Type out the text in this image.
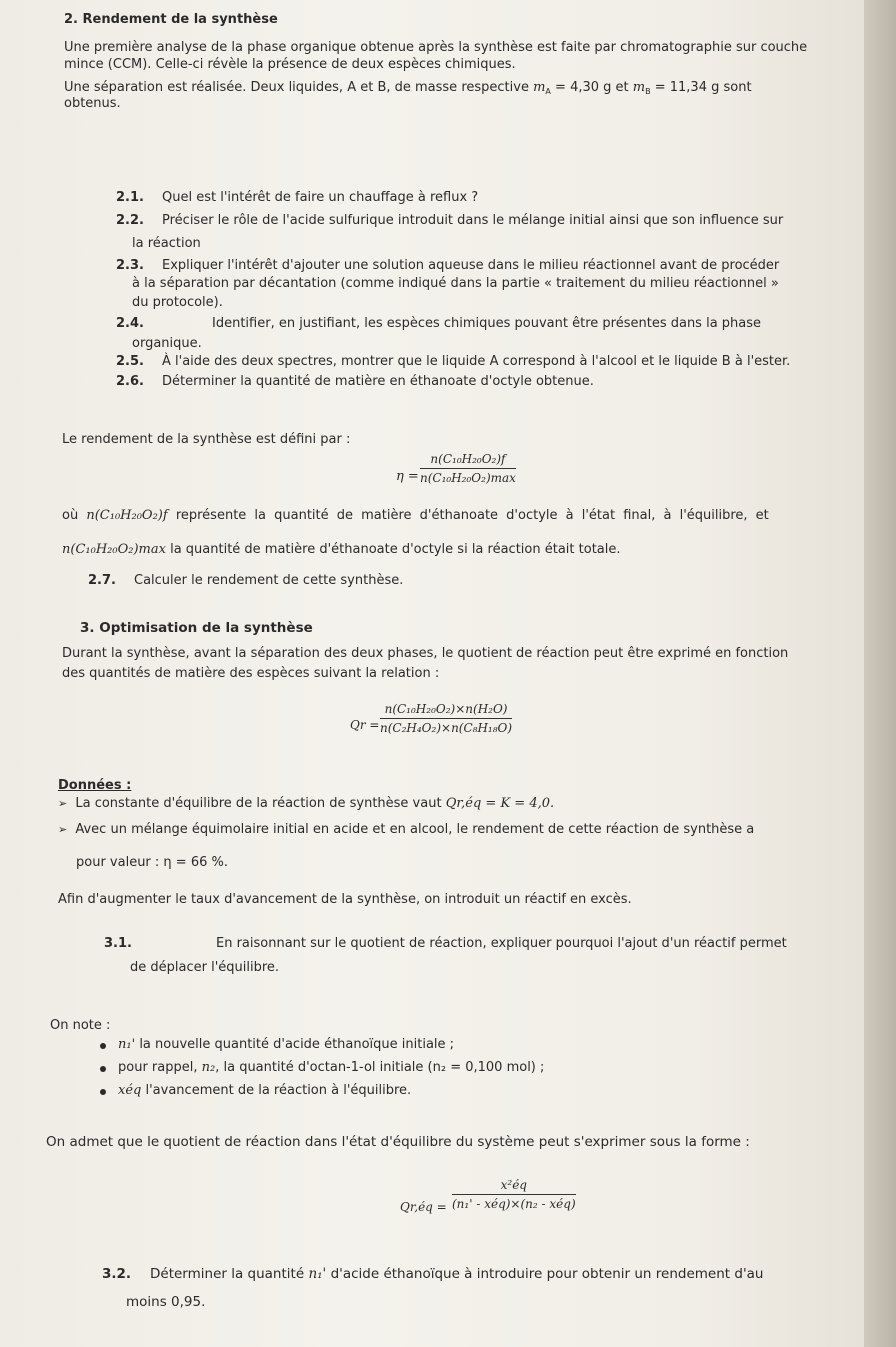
2. Rendement de la synthèse
Une première analyse de la phase organique obtenue après la synthèse est faite par chromatographie sur couche
mince (CCM). Celle-ci révèle la présence de deux espèces chimiques.
Une séparation est réalisée. Deux liquides, A et B, de masse respective $m_A = 4,30$ g et $m_B = 11,34$ g sont
obtenus.
2.1. Quel est l'intérêt de faire un chauffage à reflux ?
2.2. Préciser le rôle de l'acide sulfurique introduit dans le mélange initial ainsi que son influence sur
la réaction
2.3. Expliquer l'intérêt d'ajouter une solution aqueuse dans le milieu réactionnel avant de procéder
à la séparation par décantation (comme indiqué dans la partie « traitement du milieu réactionnel »
du protocole).
2.4.	Identifier, en justifiant, les espèces chimiques pouvant être présentes dans la phase
organique.
2.5. À l'aide des deux spectres, montrer que le liquide A correspond à l'alcool et le liquide B à l'ester.
2.6. Déterminer la quantité de matière en éthanoate d'octyle obtenue.
Le rendement de la synthèse est défini par :
η =
n(C₁₀H₂₀O₂)f
n(C₁₀H₂₀O₂)max
où n(C₁₀H₂₀O₂)f représente la quantité de matière d'éthanoate d'octyle à l'état final, à l'équilibre, et
n(C₁₀H₂₀O₂)max la quantité de matière d'éthanoate d'octyle si la réaction était totale.
2.7. Calculer le rendement de cette synthèse.
3. Optimisation de la synthèse
Durant la synthèse, avant la séparation des deux phases, le quotient de réaction peut être exprimé en fonction
des quantités de matière des espèces suivant la relation :
$Qr = \frac{\text{n(C₁₀H₂₀O₂)×n(H₂O)}}{\text{n(C₂H₄O₂)×n(C₈H₁₈O)}}$
Données :
➢ La constante d'équilibre de la réaction de synthèse vaut Qr,éq = K = 4,0.
➢ Avec un mélange équimolaire initial en acide et en alcool, le rendement de cette réaction de synthèse a
pour valeur : η = 66 %.
Afin d'augmenter le taux d'avancement de la synthèse, on introduit un réactif en excès.
3.1.	En raisonnant sur le quotient de réaction, expliquer pourquoi l'ajout d'un réactif permet
de déplacer l'équilibre.
On note :
n₁' la nouvelle quantité d'acide éthanoïque initiale ;
pour rappel, n₂, la quantité d'octan-1-ol initiale (n₂ = 0,100 mol) ;
xéq l'avancement de la réaction à l'équilibre.
On admet que le quotient de réaction dans l'état d'équilibre du système peut s'exprimer sous la forme :
Qr,éq =
x²éq
(n₁' - xéq)×(n₂ - xéq)
3.2. Déterminer la quantité n₁' d'acide éthanoïque à introduire pour obtenir un rendement d'au
moins 0,95.
